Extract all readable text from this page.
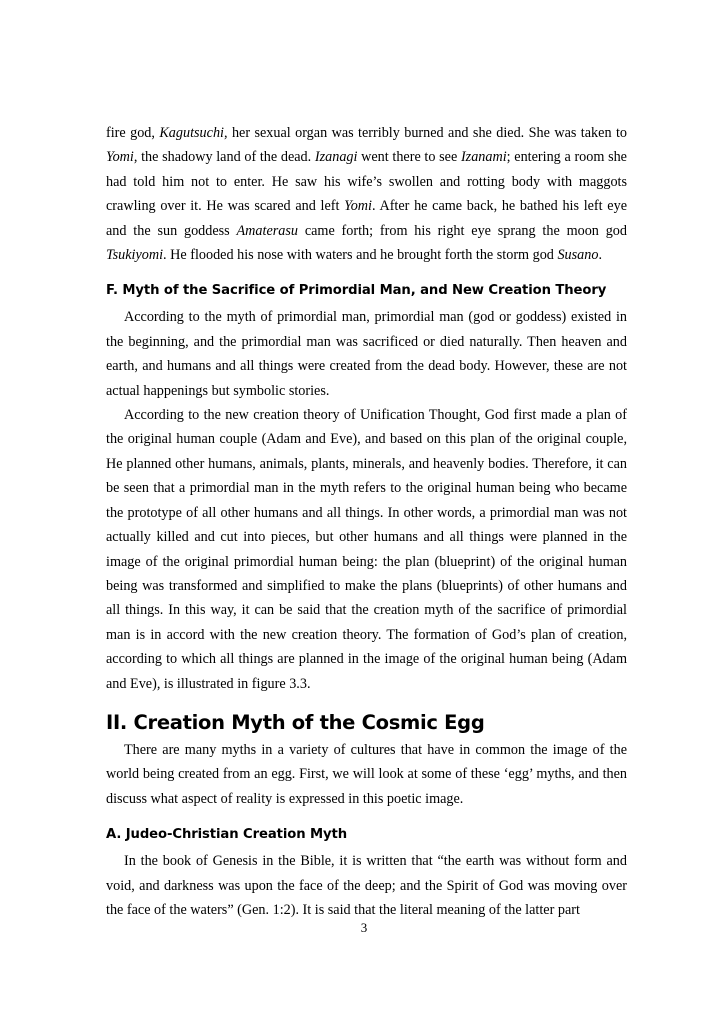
fire god, Kagutsuchi, her sexual organ was terribly burned and she died. She was taken to Yomi, the shadowy land of the dead. Izanagi went there to see Izanami; entering a room she had told him not to enter. He saw his wife’s swollen and rotting body with maggots crawling over it. He was scared and left Yomi. After he came back, he bathed his left eye and the sun goddess Amaterasu came forth; from his right eye sprang the moon god Tsukiyomi. He flooded his nose with waters and he brought forth the storm god Susano.

F. Myth of the Sacrifice of Primordial Man, and New Creation Theory

According to the myth of primordial man, primordial man (god or goddess) existed in the beginning, and the primordial man was sacrificed or died naturally. Then heaven and earth, and humans and all things were created from the dead body. However, these are not actual happenings but symbolic stories.

According to the new creation theory of Unification Thought, God first made a plan of the original human couple (Adam and Eve), and based on this plan of the original couple, He planned other humans, animals, plants, minerals, and heavenly bodies. Therefore, it can be seen that a primordial man in the myth refers to the original human being who became the prototype of all other humans and all things. In other words, a primordial man was not actually killed and cut into pieces, but other humans and all things were planned in the image of the original primordial human being: the plan (blueprint) of the original human being was transformed and simplified to make the plans (blueprints) of other humans and all things. In this way, it can be said that the creation myth of the sacrifice of primordial man is in accord with the new creation theory. The formation of God’s plan of creation, according to which all things are planned in the image of the original human being (Adam and Eve), is illustrated in figure 3.3.

II. Creation Myth of the Cosmic Egg

There are many myths in a variety of cultures that have in common the image of the world being created from an egg. First, we will look at some of these ‘egg’ myths, and then discuss what aspect of reality is expressed in this poetic image.

A. Judeo-Christian Creation Myth

In the book of Genesis in the Bible, it is written that “the earth was without form and void, and darkness was upon the face of the deep; and the Spirit of God was moving over the face of the waters” (Gen. 1:2). It is said that the literal meaning of the latter part

3
